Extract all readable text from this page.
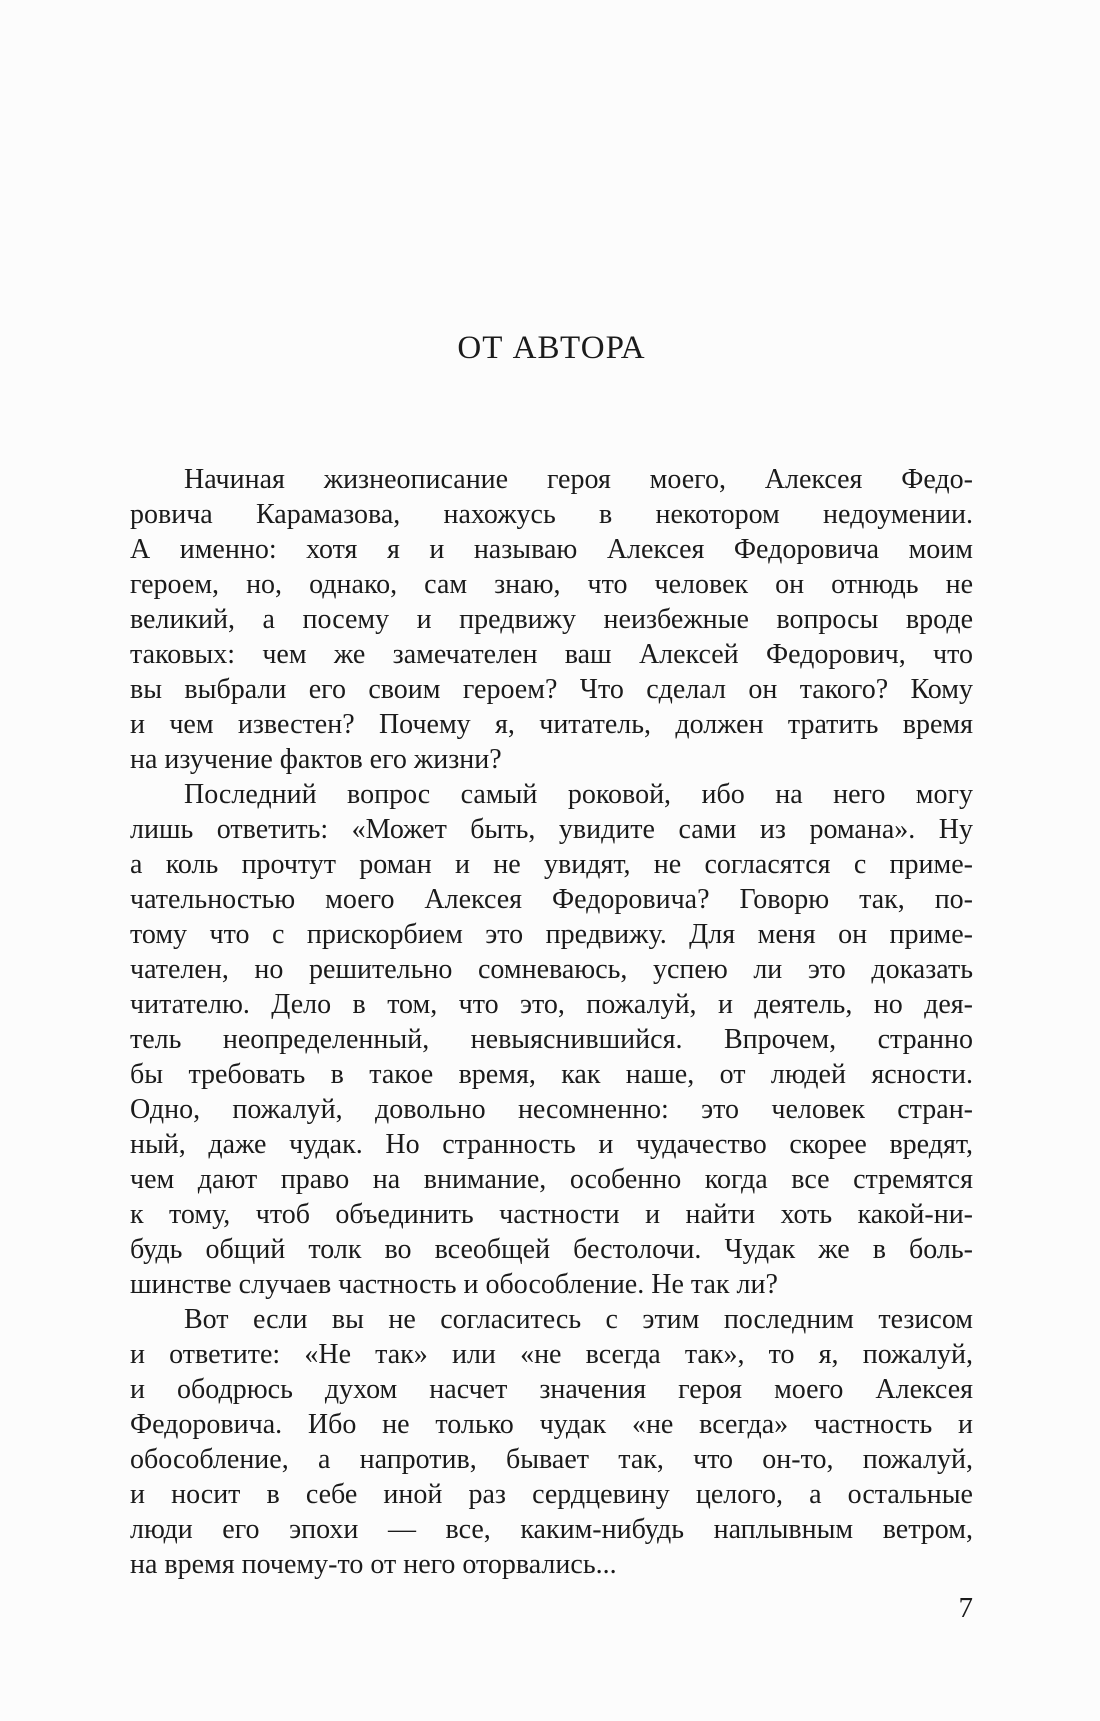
ОТ АВТОРА
Начиная жизнеописание героя моего, Алексея Федо-
ровича Карамазова, нахожусь в некотором недоумении.
А именно: хотя я и называю Алексея Федоровича моим
героем, но, однако, сам знаю, что человек он отнюдь не
великий, а посему и предвижу неизбежные вопросы вроде
таковых: чем же замечателен ваш Алексей Федорович, что
вы выбрали его своим героем? Что сделал он такого? Кому
и чем известен? Почему я, читатель, должен тратить время
на изучение фактов его жизни?
Последний вопрос самый роковой, ибо на него могу
лишь ответить: «Может быть, увидите сами из романа». Ну
а коль прочтут роман и не увидят, не согласятся с приме-
чательностью моего Алексея Федоровича? Говорю так, по-
тому что с прискорбием это предвижу. Для меня он приме-
чателен, но решительно сомневаюсь, успею ли это доказать
читателю. Дело в том, что это, пожалуй, и деятель, но дея-
тель неопределенный, невыяснившийся. Впрочем, странно
бы требовать в такое время, как наше, от людей ясности.
Одно, пожалуй, довольно несомненно: это человек стран-
ный, даже чудак. Но странность и чудачество скорее вредят,
чем дают право на внимание, особенно когда все стремятся
к тому, чтоб объединить частности и найти хоть какой-ни-
будь общий толк во всеобщей бестолочи. Чудак же в боль-
шинстве случаев частность и обособление. Не так ли?
Вот если вы не согласитесь с этим последним тезисом
и ответите: «Не так» или «не всегда так», то я, пожалуй,
и ободрюсь духом насчет значения героя моего Алексея
Федоровича. Ибо не только чудак «не всегда» частность и
обособление, а напротив, бывает так, что он-то, пожалуй,
и носит в себе иной раз сердцевину целого, а остальные
люди его эпохи — все, каким-нибудь наплывным ветром,
на время почему-то от него оторвались...
7
